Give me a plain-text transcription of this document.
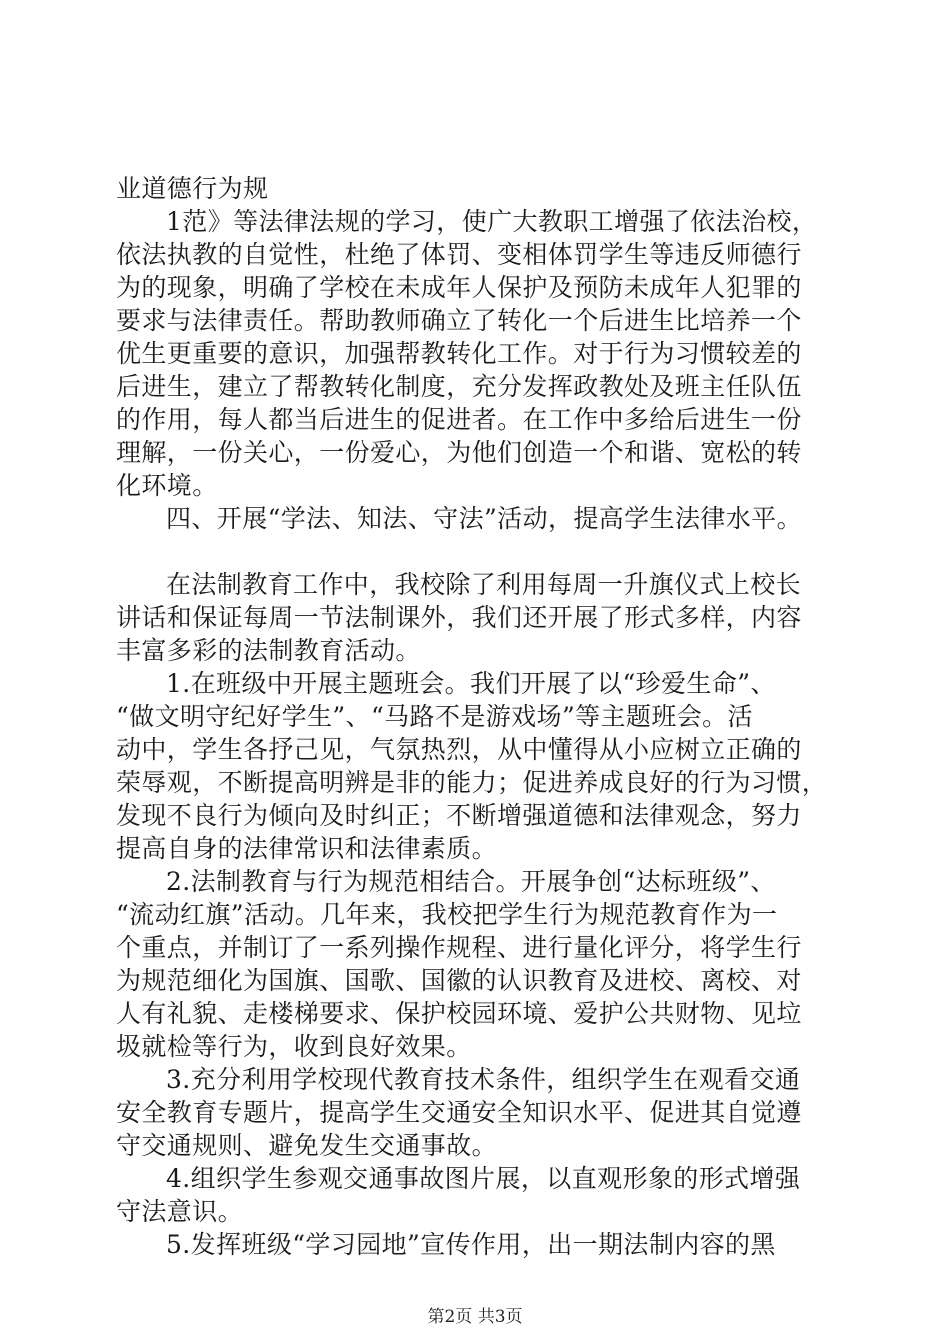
业道德行为规
1范》等法律法规的学习，使广大教职工增强了依法治校，
依法执教的自觉性，杜绝了体罚、变相体罚学生等违反师德行
为的现象，明确了学校在未成年人保护及预防未成年人犯罪的
要求与法律责任。帮助教师确立了转化一个后进生比培养一个
优生更重要的意识，加强帮教转化工作。对于行为习惯较差的
后进生，建立了帮教转化制度，充分发挥政教处及班主任队伍
的作用，每人都当后进生的促进者。在工作中多给后进生一份
理解，一份关心，一份爱心，为他们创造一个和谐、宽松的转
化环境。
四、开展“学法、知法、守法”活动，提高学生法律水平。
在法制教育工作中，我校除了利用每周一升旗仪式上校长
讲话和保证每周一节法制课外，我们还开展了形式多样，内容
丰富多彩的法制教育活动。
1.在班级中开展主题班会。我们开展了以“珍爱生命”、
“做文明守纪好学生”、“马路不是游戏场”等主题班会。活
动中，学生各抒己见，气氛热烈，从中懂得从小应树立正确的
荣辱观，不断提高明辨是非的能力；促进养成良好的行为习惯，
发现不良行为倾向及时纠正；不断增强道德和法律观念，努力
提高自身的法律常识和法律素质。
2.法制教育与行为规范相结合。开展争创“达标班级”、
“流动红旗”活动。几年来，我校把学生行为规范教育作为一
个重点，并制订了一系列操作规程、进行量化评分，将学生行
为规范细化为国旗、国歌、国徽的认识教育及进校、离校、对
人有礼貌、走楼梯要求、保护校园环境、爱护公共财物、见垃
圾就检等行为，收到良好效果。
3.充分利用学校现代教育技术条件，组织学生在观看交通
安全教育专题片，提高学生交通安全知识水平、促进其自觉遵
守交通规则、避免发生交通事故。
4.组织学生参观交通事故图片展，以直观形象的形式增强
守法意识。
5.发挥班级“学习园地”宣传作用，出一期法制内容的黑
第2页 共3页
